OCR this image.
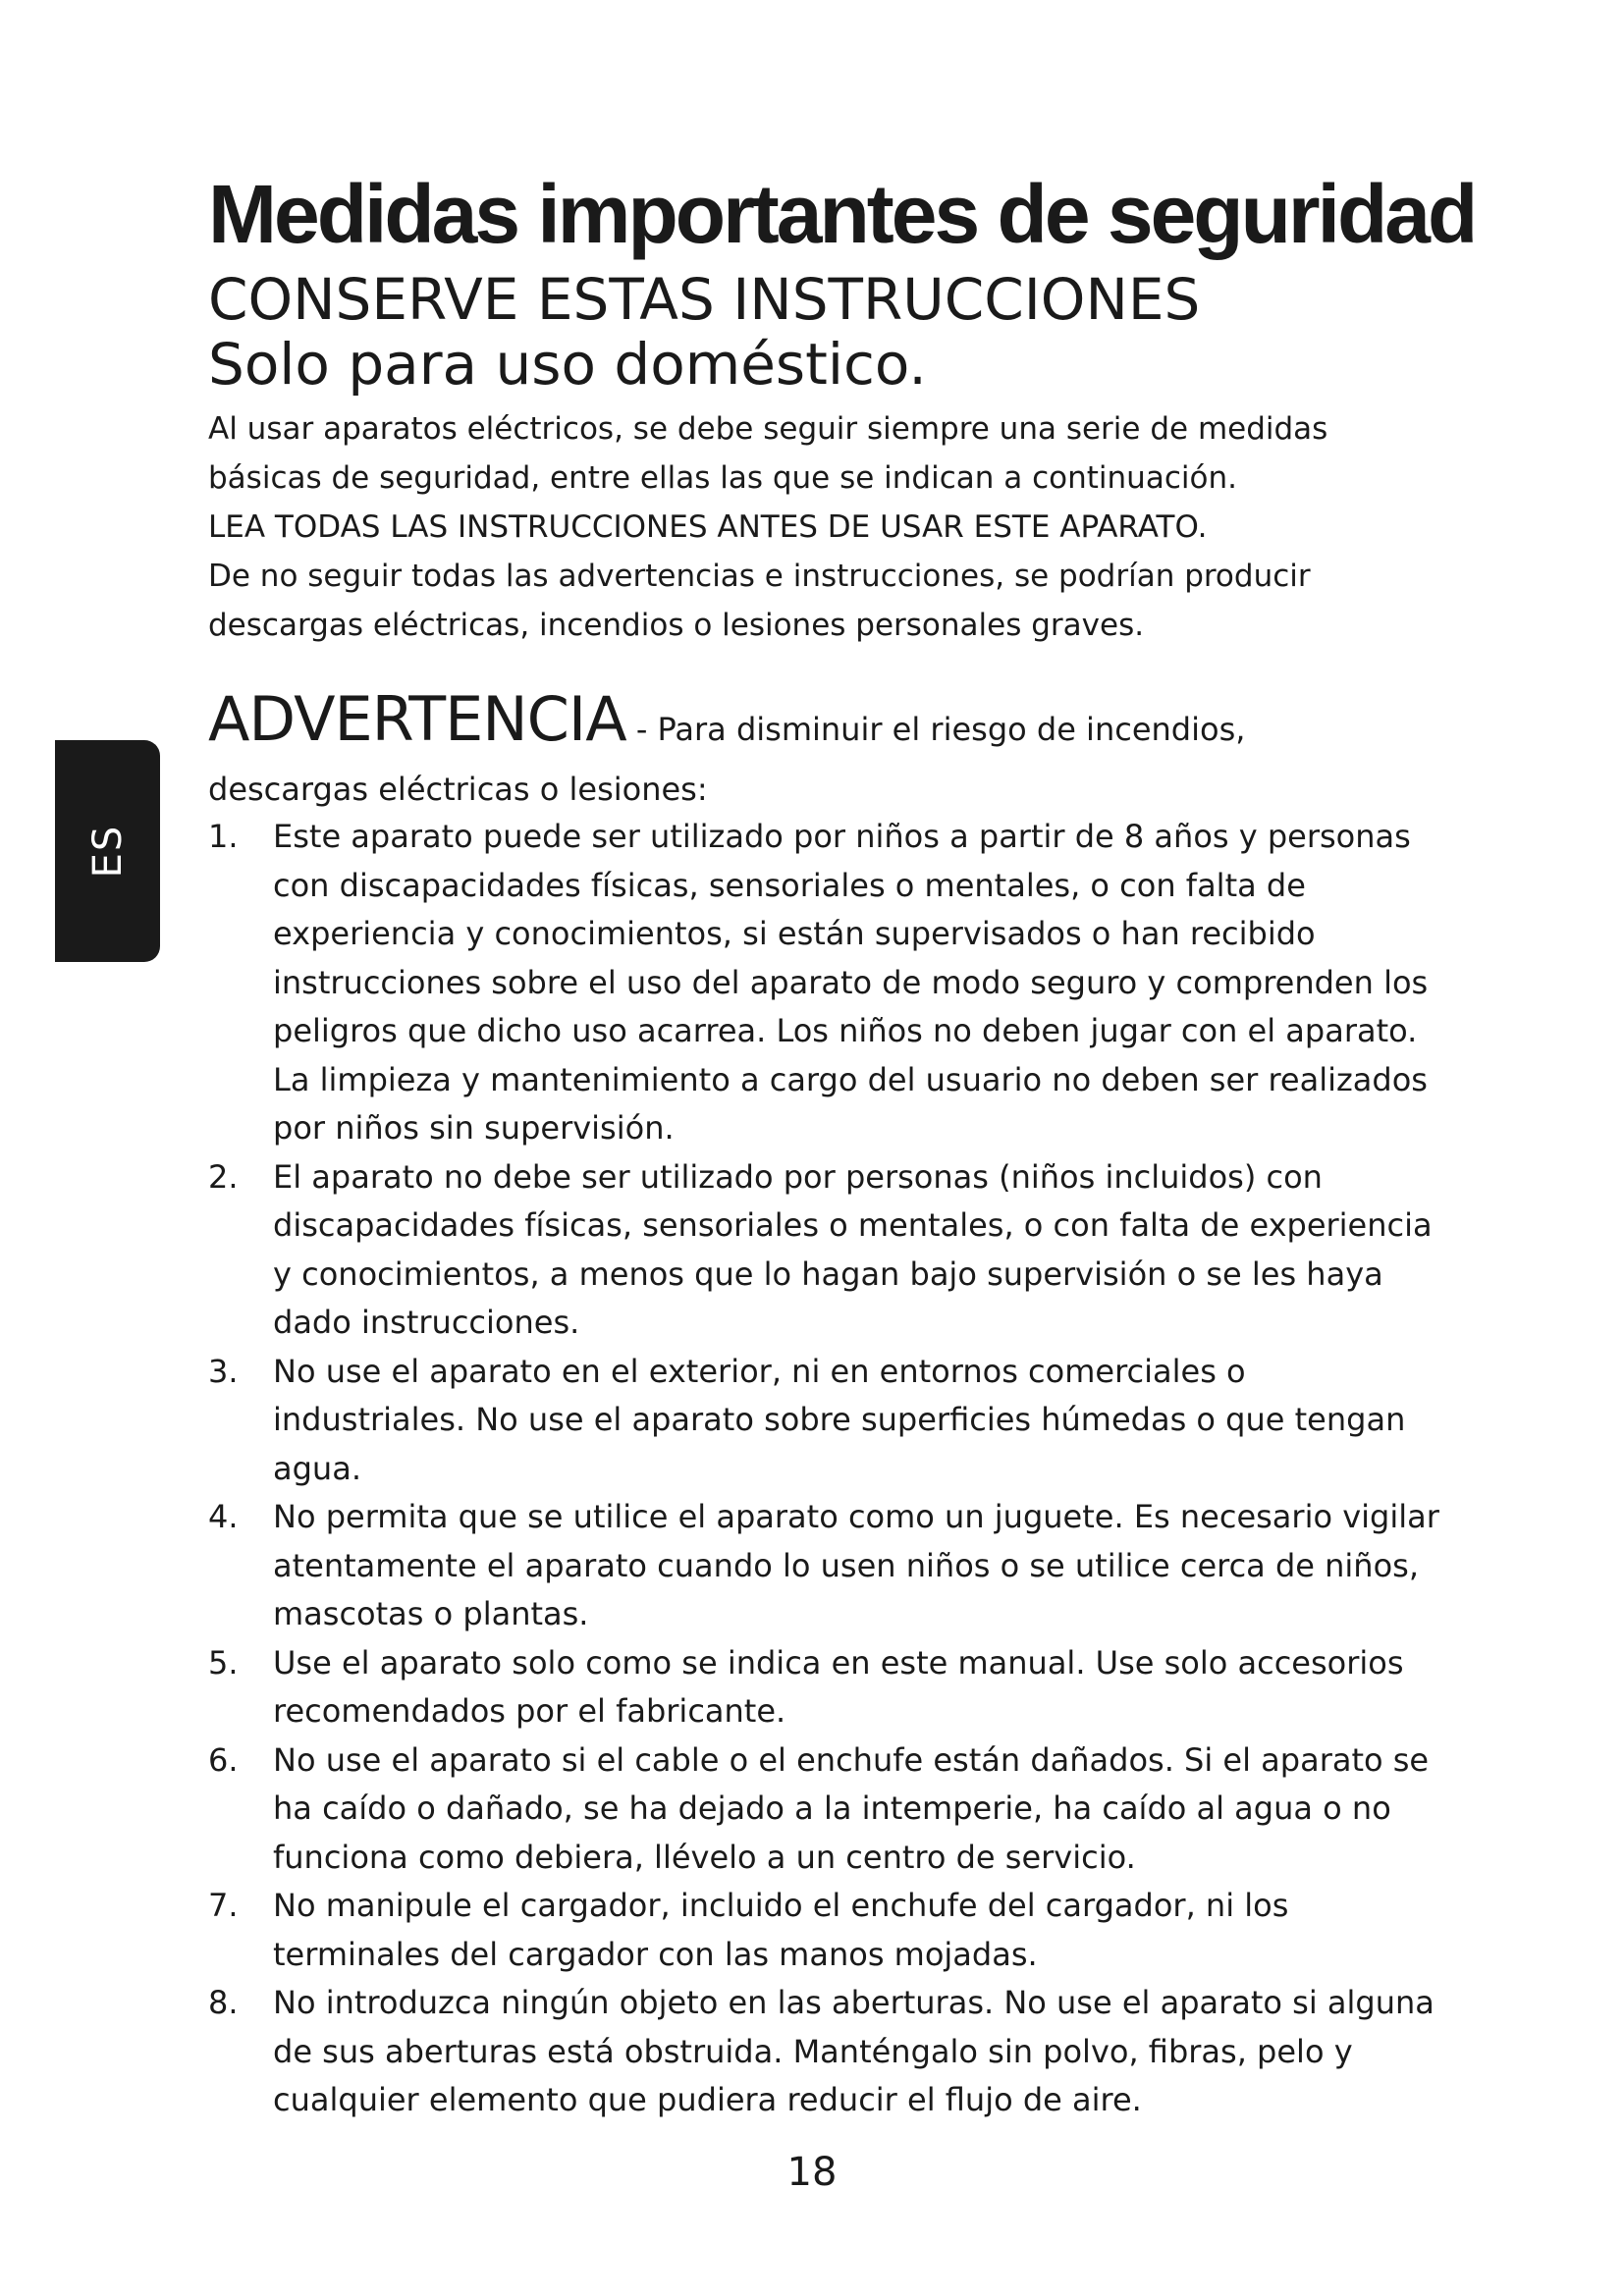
ES
Medidas importantes de seguridad
CONSERVE ESTAS INSTRUCCIONES
Solo para uso doméstico.

Al usar aparatos eléctricos, se debe seguir siempre una serie de medidas

básicas de seguridad, entre ellas las que se indican a continuación.

LEA TODAS LAS INSTRUCCIONES ANTES DE USAR ESTE APARATO.

De no seguir todas las advertencias e instrucciones, se podrían producir

descargas eléctricas, incendios o lesiones personales graves.

ADVERTENCIA - Para disminuir el riesgo de incendios,
descargas eléctricas o lesiones:
1. Este aparato puede ser utilizado por niños a partir de 8 años y personas con discapacidades físicas, sensoriales o mentales, o con falta de experiencia y conocimientos, si están supervisados o han recibido instrucciones sobre el uso del aparato de modo seguro y comprenden los peligros que dicho uso acarrea. Los niños no deben jugar con el aparato. La limpieza y mantenimiento a cargo del usuario no deben ser realizados por niños sin supervisión.
2. El aparato no debe ser utilizado por personas (niños incluidos) con discapacidades físicas, sensoriales o mentales, o con falta de experiencia y conocimientos, a menos que lo hagan bajo supervisión o se les haya dado instrucciones.
3. No use el aparato en el exterior, ni en entornos comerciales o industriales. No use el aparato sobre superficies húmedas o que tengan agua.
4. No permita que se utilice el aparato como un juguete. Es necesario vigilar atentamente el aparato cuando lo usen niños o se utilice cerca de niños, mascotas o plantas.
5. Use el aparato solo como se indica en este manual. Use solo accesorios recomendados por el fabricante.
6. No use el aparato si el cable o el enchufe están dañados. Si el aparato se ha caído o dañado, se ha dejado a la intemperie, ha caído al agua o no funciona como debiera, llévelo a un centro de servicio.
7. No manipule el cargador, incluido el enchufe del cargador, ni los terminales del cargador con las manos mojadas.
8. No introduzca ningún objeto en las aberturas. No use el aparato si alguna de sus aberturas está obstruida. Manténgalo sin polvo, fibras, pelo y cualquier elemento que pudiera reducir el flujo de aire.
18
